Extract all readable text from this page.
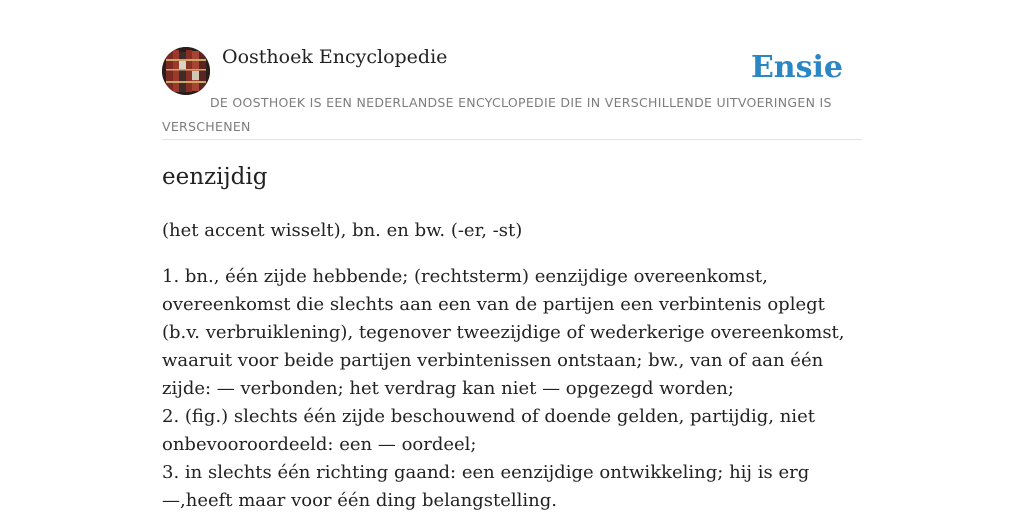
Oosthoek Encyclopedie	Ensie
DE OOSTHOEK IS EEN NEDERLANDSE ENCYCLOPEDIE DIE IN VERSCHILLENDE UITVOERINGEN IS VERSCHENEN
eenzijdig
(het accent wisselt), bn. en bw. (-er, -st)
1. bn., één zijde hebbende; (rechtsterm) eenzijdige overeenkomst, overeenkomst die slechts aan een van de partijen een verbintenis oplegt (b.v. verbruiklening), tegenover tweezijdige of wederkerige overeenkomst, waaruit voor beide partijen verbintenissen ontstaan; bw., van of aan één zijde: — verbonden; het verdrag kan niet — opgezegd worden;
2. (fig.) slechts één zijde beschouwend of doende gelden, partijdig, niet onbevooroordeeld: een — oordeel;
3. in slechts één richting gaand: een eenzijdige ontwikkeling; hij is erg —,heeft maar voor één ding belangstelling.
